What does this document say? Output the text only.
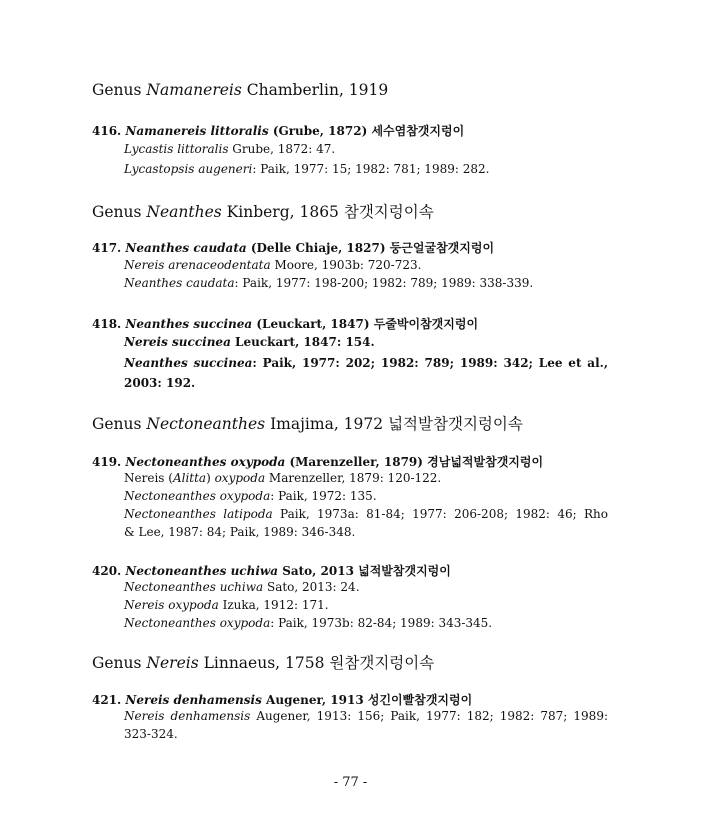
Genus Namanereis Chamberlin, 1919
416. Namanereis littoralis (Grube, 1872) 세수염참갯지렁이
Lycastis littoralis Grube, 1872: 47.
Lycastopsis augeneri: Paik, 1977: 15; 1982: 781; 1989: 282.
Genus Neanthes Kinberg, 1865 참갯지렁이속
417. Neanthes caudata (Delle Chiaje, 1827) 둥근얼굴참갯지렁이
Nereis arenaceodentata Moore, 1903b: 720-723.
Neanthes caudata: Paik, 1977: 198-200; 1982: 789; 1989: 338-339.
418. Neanthes succinea (Leuckart, 1847) 두줄박이참갯지렁이
Nereis succinea Leuckart, 1847: 154.
Neanthes succinea: Paik, 1977: 202; 1982: 789; 1989: 342; Lee et al.,
2003: 192.
Genus Nectoneanthes Imajima, 1972 넓적발참갯지렁이속
419. Nectoneanthes oxypoda (Marenzeller, 1879) 경남넓적발참갯지렁이
Nereis (Alitta) oxypoda Marenzeller, 1879: 120-122.
Nectoneanthes oxypoda: Paik, 1972: 135.
Nectoneanthes latipoda Paik, 1973a: 81-84; 1977: 206-208; 1982: 46; Rho
& Lee, 1987: 84; Paik, 1989: 346-348.
420. Nectoneanthes uchiwa Sato, 2013 넓적발참갯지렁이
Nectoneanthes uchiwa Sato, 2013: 24.
Nereis oxypoda Izuka, 1912: 171.
Nectoneanthes oxypoda: Paik, 1973b: 82-84; 1989: 343-345.
Genus Nereis Linnaeus, 1758 원참갯지렁이속
421. Nereis denhamensis Augener, 1913 성긴이빨참갯지렁이
Nereis denhamensis Augener, 1913: 156; Paik, 1977: 182; 1982: 787; 1989:
323-324.
- 77 -
